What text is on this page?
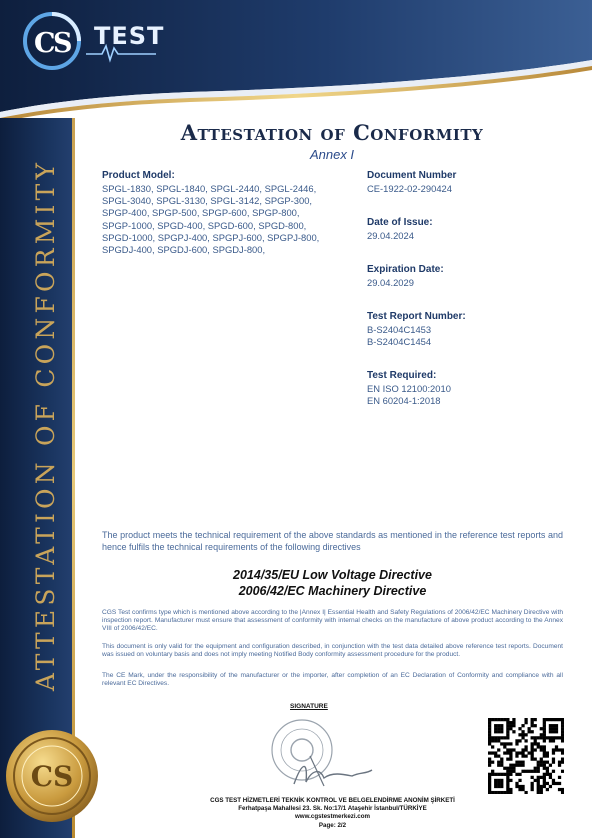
C
S TEST
ATTESTATION OF CONFORMITY
CS
Attestation of Conformity
Annex I
Product Model:
SPGL-1830, SPGL-1840, SPGL-2440, SPGL-2446,
SPGL-3040, SPGL-3130, SPGL-3142, SPGP-300,
SPGP-400, SPGP-500, SPGP-600, SPGP-800,
SPGP-1000, SPGD-400, SPGD-600, SPGD-800,
SPGD-1000, SPGPJ-400, SPGPJ-600, SPGPJ-800,
SPGDJ-400, SPGDJ-600, SPGDJ-800,
Document Number
CE-1922-02-290424
Date of Issue:
29.04.2024
Expiration Date:
29.04.2029
Test Report Number:
B-S2404C1453
B-S2404C1454
Test Required:
EN ISO 12100:2010
EN 60204-1:2018
The product meets the technical requirement of the above standards as mentioned in the reference test reports and hence fulfils the technical requirements of the following directives
2014/35/EU Low Voltage Directive
2006/42/EC Machinery Directive
CGS Test confirms type which is mentioned above according to the |Annex I| Essential Health and Safety Regulations of 2006/42/EC Machinery Directive with inspection report. Manufacturer must ensure that assessment of conformity with internal checks on the manufacture of above product according to the Annex VIII of 2006/42/EC.
This document is only valid for the equipment and configuration described, in conjunction with the test data detailed above reference test reports. Document was issued on voluntary basis and does not imply meeting Notified Body conformity assessment procedure for the product.
The CE Mark, under the responsibility of the manufacturer or the importer, after completion of an EC Declaration of Conformity and compliance with all relevant EC Directives.
SIGNATURE
CGS TEST HİZMETLERİ TEKNİK KONTROL VE BELGELENDİRME ANONİM ŞİRKETİ
Ferhatpaşa Mahallesi 23. Sk. No:17/1 Ataşehir İstanbul/TÜRKİYE
www.cgstestmerkezi.com
Page: 2/2
